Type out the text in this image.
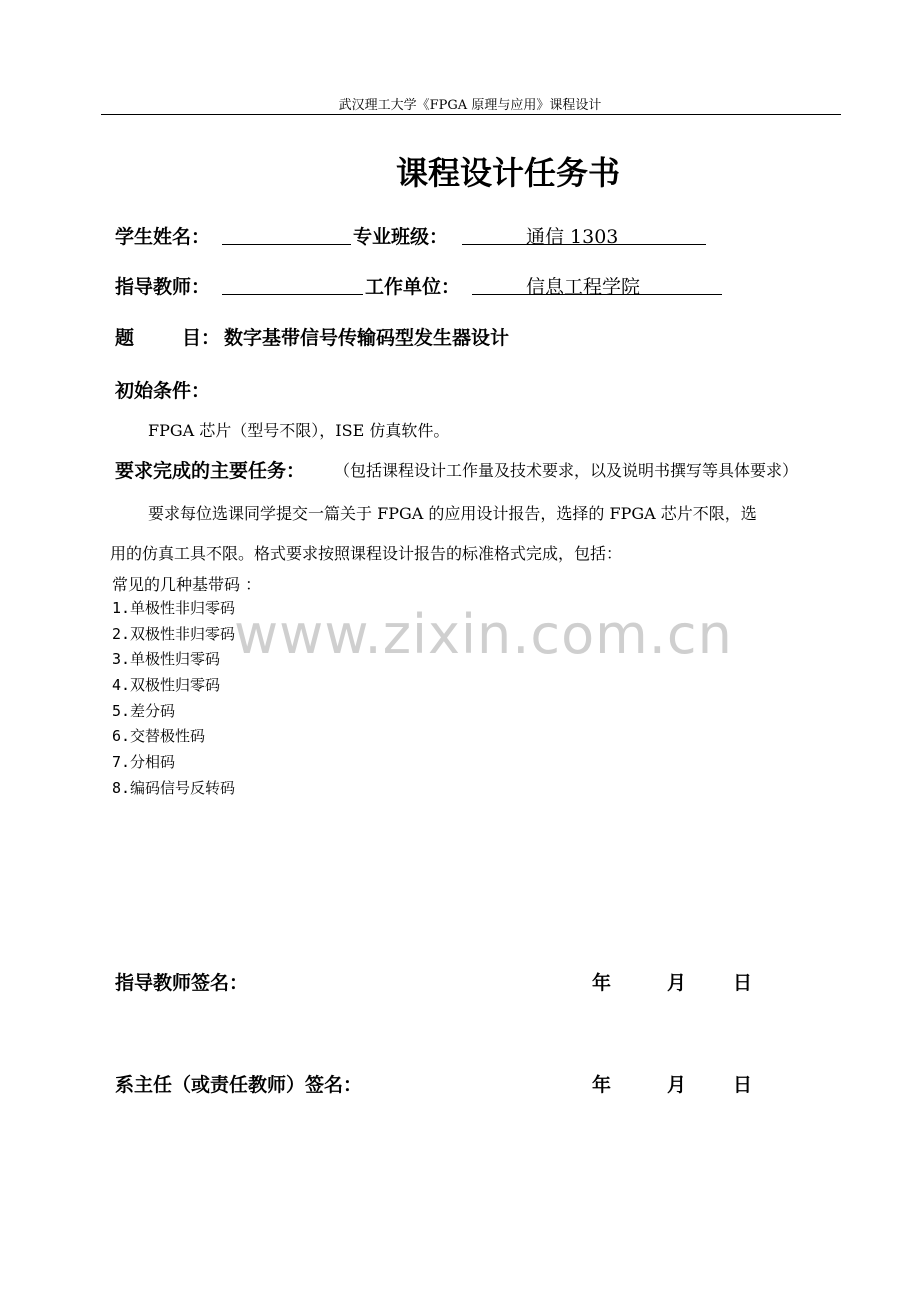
武汉理工大学《FPGA 原理与应用》课程设计
课程设计任务书
学生姓名：	专业班级：	通信 1303
指导教师：	工作单位：	信息工程学院
题	目： 数字基带信号传输码型发生器设计
初始条件：
FPGA 芯片（型号不限），ISE 仿真软件。
要求完成的主要任务： （包括课程设计工作量及技术要求，以及说明书撰写等具体要求）
要求每位选课同学提交一篇关于 FPGA 的应用设计报告，选择的 FPGA 芯片不限，选
用的仿真工具不限。格式要求按照课程设计报告的标准格式完成，包括：
常见的几种基带码 ：
1.单极性非归零码
2.双极性非归零码
3.单极性归零码
4.双极性归零码
5.差分码
6.交替极性码
7.分相码
8.编码信号反转码
www.zixin.com.cn
指导教师签名：	年	月 日
系主任（或责任教师）签名：	年	月 日
